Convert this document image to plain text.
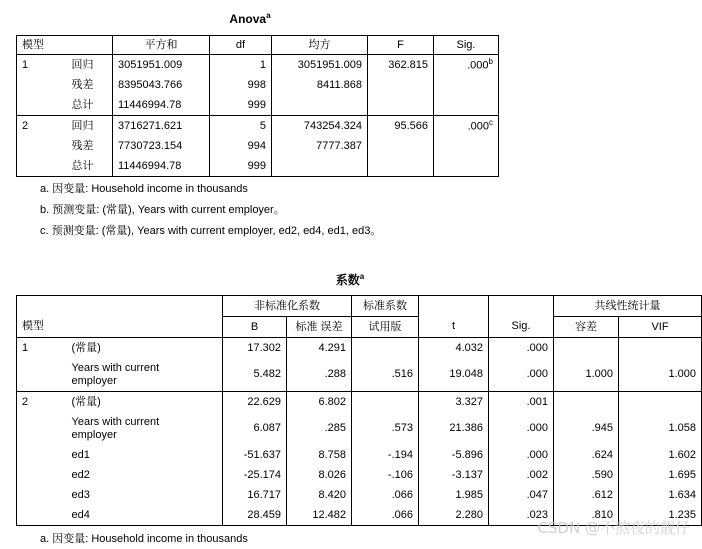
Anova$^a$
模型		平方和	df	均方	F	Sig.
1	回归	3051951.009	1	3051951.009	362.815	.000$^b$
	残差	8395043.766	998	8411.868		
	总计	11446994.78	999			
2	回归	3716271.621	5	743254.324	95.566	.000$^c$
	残差	7730723.154	994	7777.387		
	总计	11446994.78	999			
a. 因变量: Household income in thousands
b. 预测变量: (常量), Years with current employer。
c. 预测变量: (常量), Years with current employer, ed2, ed4, ed1, ed3。
系数$^a$
		非标准化系数		标准系数			共线性统计量	
模型		B	标准 误差	试用版	t	Sig.	容差	VIF
1	(常量)	17.302	4.291		4.032	.000		
	Years with current employer	5.482	.288	.516	19.048	.000	1.000	1.000
2	(常量)	22.629	6.802		3.327	.001		
	Years with current employer	6.087	.285	.573	21.386	.000	.945	1.058
	ed1	-51.637	8.758	-.194	-5.896	.000	.624	1.602
	ed2	-25.174	8.026	-.106	-3.137	.002	.590	1.695
	ed3	16.717	8.420	.066	1.985	.047	.612	1.634
	ed4	28.459	12.482	.066	2.280	.023	.810	1.235
a. 因变量: Household income in thousands
CSDN @不熬夜的靓仔
